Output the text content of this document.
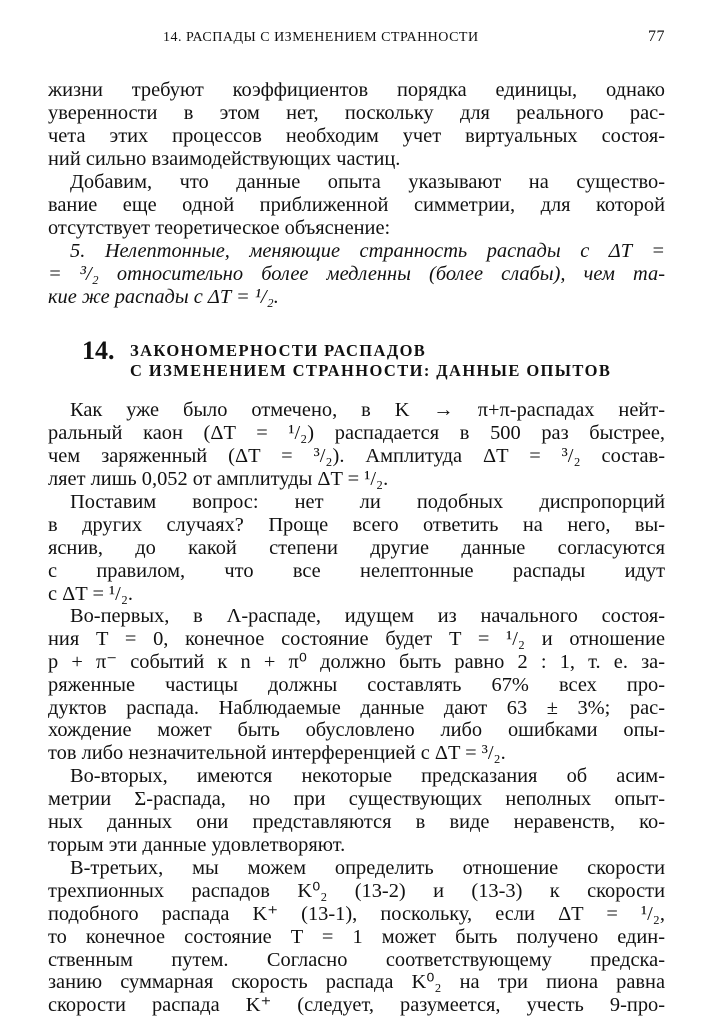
14. РАСПАДЫ С ИЗМЕНЕНИЕМ СТРАННОСТИ	77
жизни требуют коэффициентов порядка единицы, однако
уверенности в этом нет, поскольку для реального рас-
чета этих процессов необходим учет виртуальных состоя-
ний сильно взаимодействующих частиц.
Добавим, что данные опыта указывают на существо-
вание еще одной приближенной симметрии, для которой
отсутствует теоретическое объяснение:
5. Нелептонные, меняющие странность распады с ΔT =
= ³/₂ относительно более медленны (более слабы), чем та-
кие же распады с ΔT = ¹/₂.
14. ЗАКОНОМЕРНОСТИ РАСПАДОВ
С ИЗМЕНЕНИЕМ СТРАННОСТИ: ДАННЫЕ ОПЫТОВ
Как уже было отмечено, в K → π+π-распадах нейт-
ральный каон (ΔT = ¹/₂) распадается в 500 раз быстрее,
чем заряженный (ΔT = ³/₂). Амплитуда ΔT = ³/₂ состав-
ляет лишь 0,052 от амплитуды ΔT = ¹/₂.
Поставим вопрос: нет ли подобных диспропорций
в других случаях? Проще всего ответить на него, вы-
яснив, до какой степени другие данные согласуются
с правилом, что все нелептонные распады идут
с ΔT = ¹/₂.
Во-первых, в Λ-распаде, идущем из начального состоя-
ния T = 0, конечное состояние будет T = ¹/₂ и отношение
p + π⁻ событий к n + π⁰ должно быть равно 2 : 1, т. е. за-
ряженные частицы должны составлять 67% всех про-
дуктов распада. Наблюдаемые данные дают 63 ± 3%; рас-
хождение может быть обусловлено либо ошибками опы-
тов либо незначительной интерференцией с ΔT = ³/₂.
Во-вторых, имеются некоторые предсказания об асим-
метрии Σ-распада, но при существующих неполных опыт-
ных данных они представляются в виде неравенств, ко-
торым эти данные удовлетворяют.
В-третьих, мы можем определить отношение скорости
трехпионных распадов K⁰₂ (13-2) и (13-3) к скорости
подобного распада K⁺ (13-1), поскольку, если ΔT = ¹/₂,
то конечное состояние T = 1 может быть получено един-
ственным путем. Согласно соответствующему предска-
занию суммарная скорость распада K⁰₂ на три пиона равна
скорости распада K⁺ (следует, разумеется, учесть 9-про-
